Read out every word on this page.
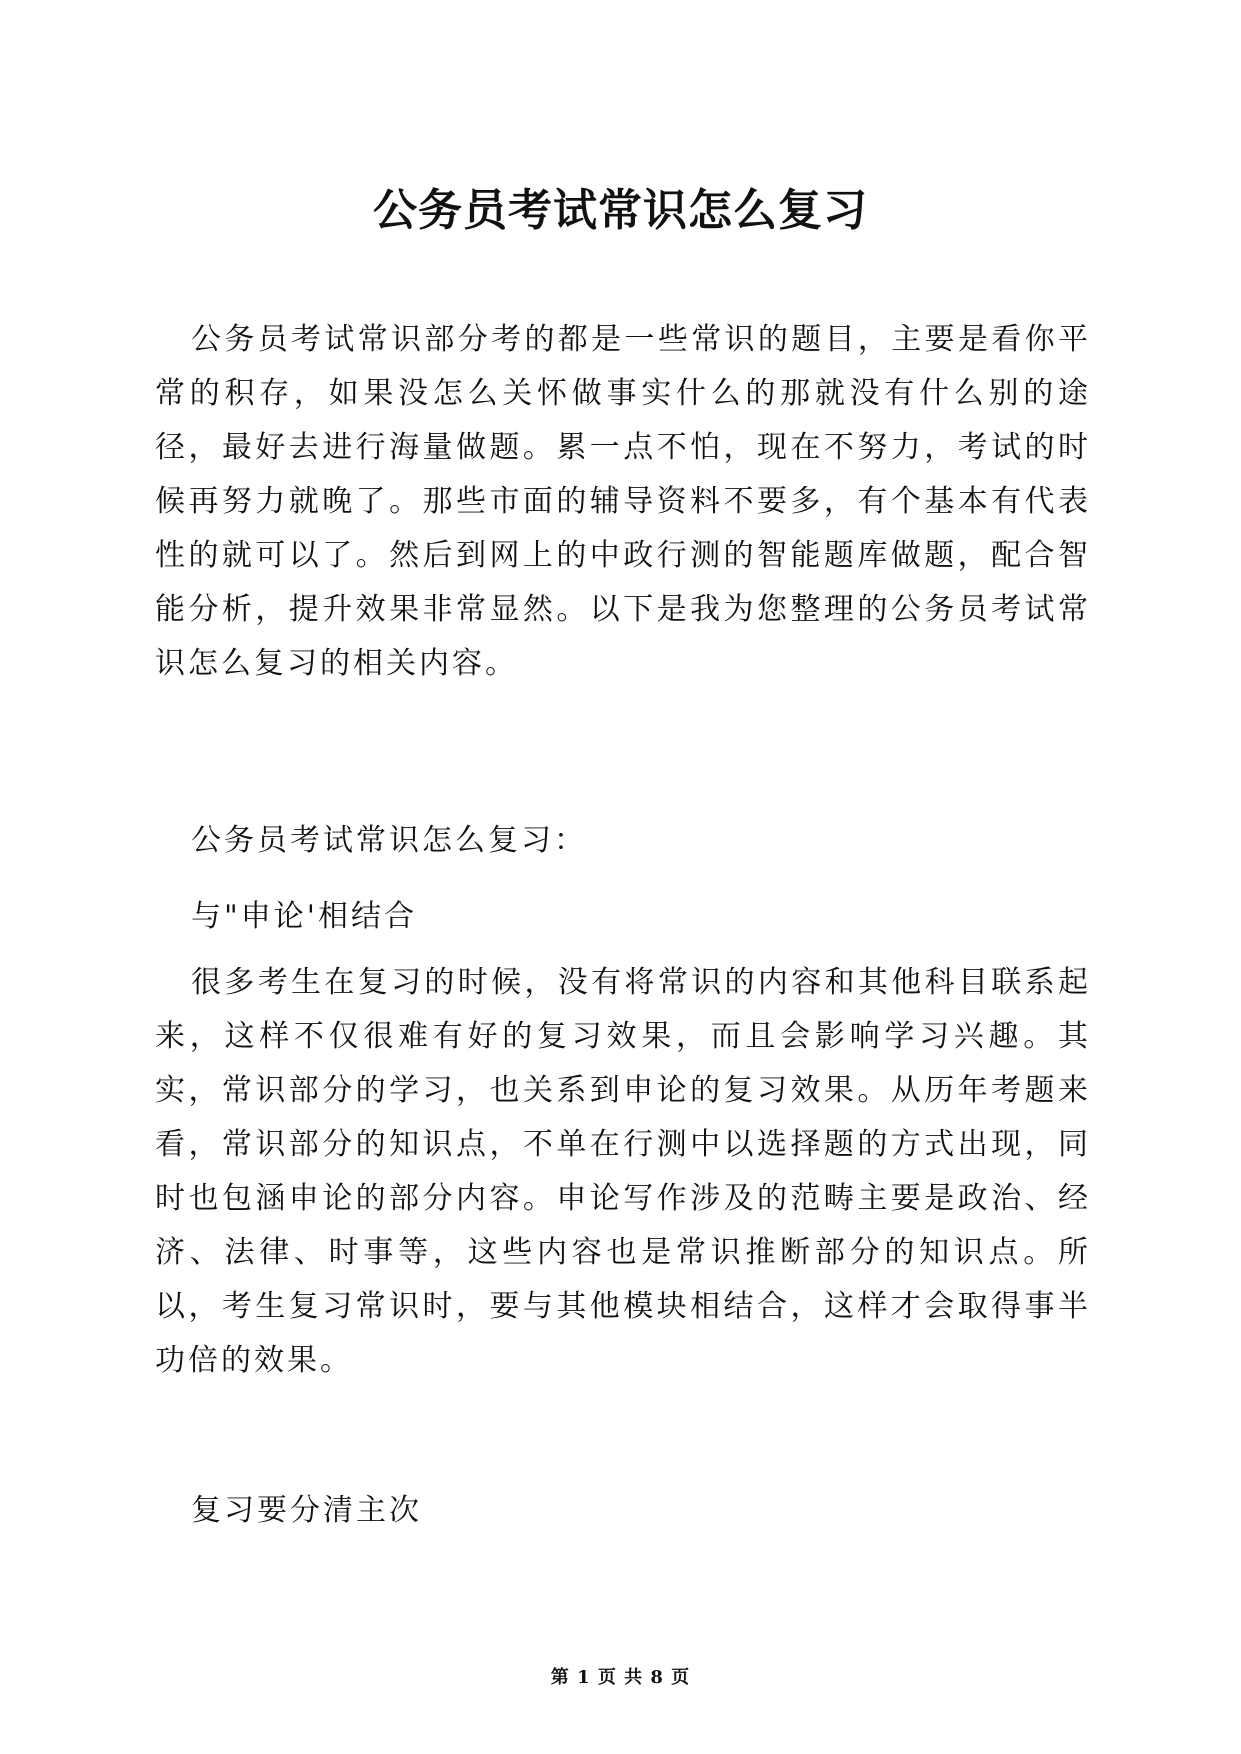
公务员考试常识怎么复习

公务员考试常识部分考的都是一些常识的题目，主要是看你平常的积存，如果没怎么关怀做事实什么的那就没有什么别的途径，最好去进行海量做题。累一点不怕，现在不努力，考试的时候再努力就晚了。那些市面的辅导资料不要多，有个基本有代表性的就可以了。然后到网上的中政行测的智能题库做题，配合智能分析，提升效果非常显然。以下是我为您整理的公务员考试常识怎么复习的相关内容。

公务员考试常识怎么复习：

与"申论'相结合

很多考生在复习的时候，没有将常识的内容和其他科目联系起来，这样不仅很难有好的复习效果，而且会影响学习兴趣。其实，常识部分的学习，也关系到申论的复习效果。从历年考题来看，常识部分的知识点，不单在行测中以选择题的方式出现，同时也包涵申论的部分内容。申论写作涉及的范畴主要是政治、经济、法律、时事等，这些内容也是常识推断部分的知识点。所以，考生复习常识时，要与其他模块相结合，这样才会取得事半功倍的效果。

复习要分清主次

第 1 页 共 8 页
